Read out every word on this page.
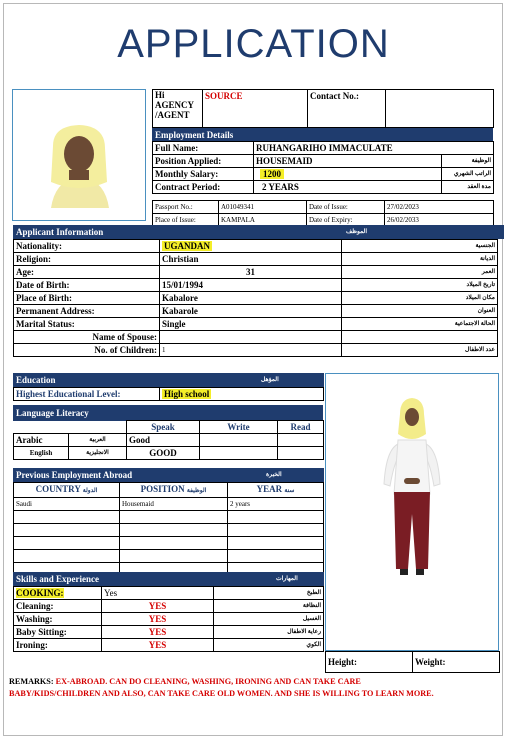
APPLICATION
Hi
AGENCY
/AGENT	SOURCE	Contact No.:	
Employment Details
Full Name:	RUHANGARIHO IMMACULATE	
Position Applied:	HOUSEMAID	الوظيفة
Monthly Salary:	1200	الراتب الشهري
Contract Period:	2 YEARS	مدة العقد
Passport No.:	A01049341	Date of Issue:	27/02/2023
Place of Issue:	KAMPALA	Date of Expiry:	26/02/2033
Applicant Information	الموظف
Nationality:	UGANDAN	الجنسية
Religion:	Christian	الديانة
Age:	31	العمر
Date of Birth:	15/01/1994	تاريخ الميلاد
Place of Birth:	Kabalore	مكان الميلاد
Permanent Address:	Kabarole	العنوان
Marital Status:	Single	الحالة الاجتماعية
Name of Spouse:		
No. of Children:	1	عدد الاطفال
Education	المؤهل
Highest Educational Level:	High school
Language Literacy
		Speak	Write	Read
Arabic	العربية	Good		
English	الانجليزية	GOOD		
Previous Employment Abroad	الخبرة
COUNTRY الدولة	POSITION الوظيفة	YEAR سنة
Saudi	Housemaid	2 years

Skills and Experience	المهارات
COOKING:	Yes	الطبخ
Cleaning:	YES	النظافة
Washing:	YES	الغسيل
Baby Sitting:	YES	رعاية الاطفال
Ironing:	YES	الكوي
Height:	Weight:
REMARKS: EX-ABROAD. CAN DO CLEANING, WASHING, IRONING AND CAN TAKE CARE
BABY/KIDS/CHILDREN AND ALSO, CAN TAKE CARE OLD WOMEN. AND SHE IS WILLING TO LEARN MORE.
